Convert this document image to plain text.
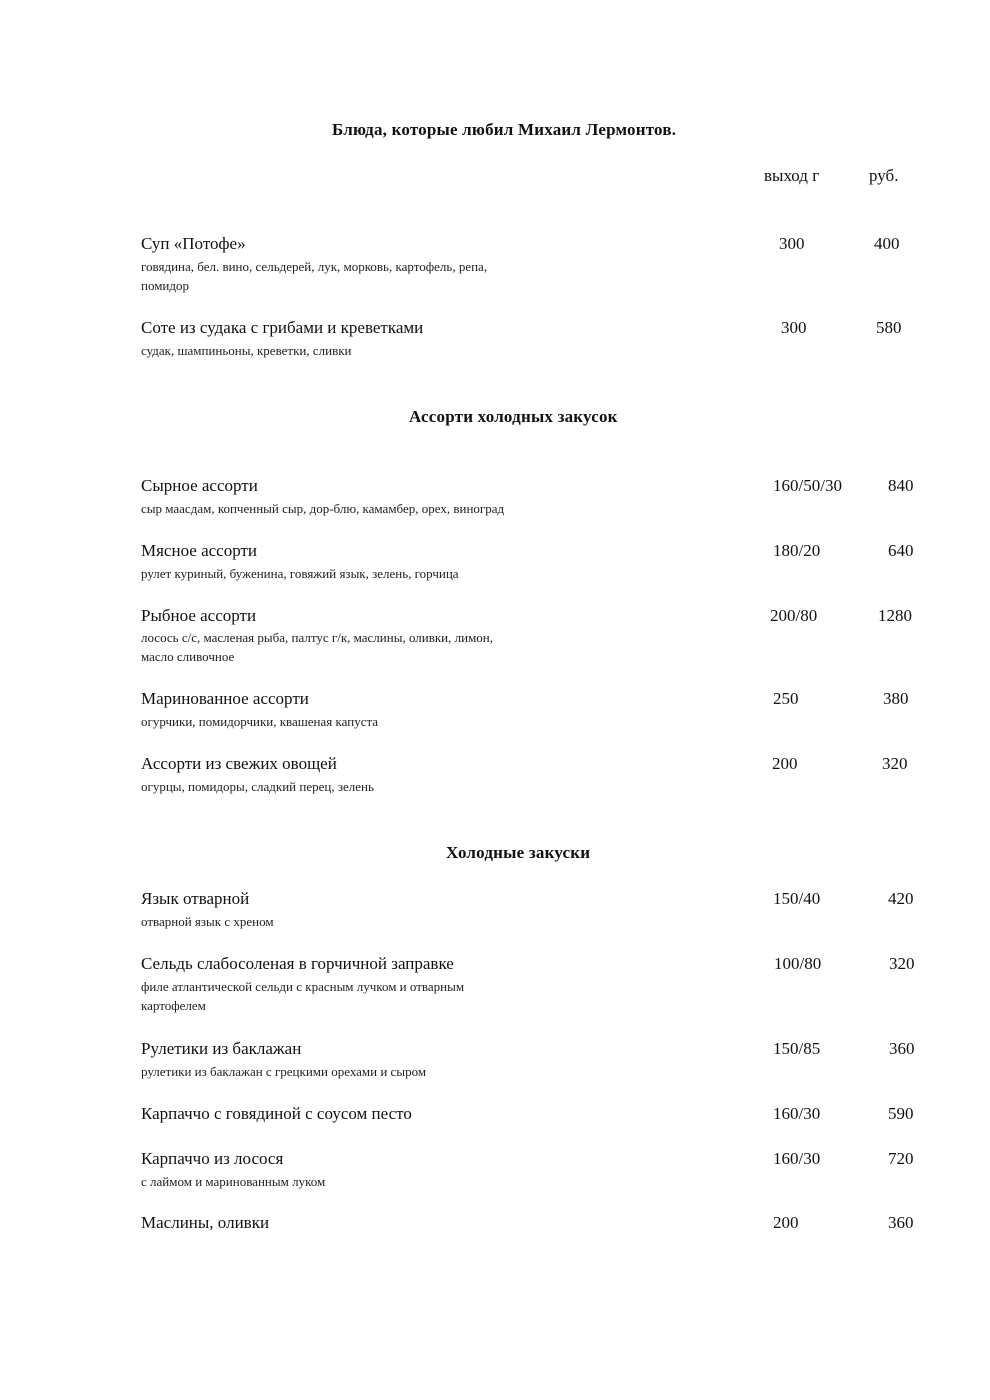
Блюда, которые любил Михаил Лермонтов.
выход г	руб.
Суп «Потофе»
говядина, бел. вино, сельдерей, лук, морковь, картофель, репа, помидор
300	400
Соте из судака с грибами и креветками
судак, шампиньоны, креветки, сливки
300	580
Ассорти холодных закусок
Сырное ассорти
сыр маасдам, копченный сыр, дор-блю, камамбер, орех, виноград
160/50/30	840
Мясное ассорти
рулет куриный, буженина, говяжий язык, зелень, горчица
180/20	640
Рыбное ассорти
лосось с/с, масленая рыба, палтус г/к, маслины, оливки, лимон, масло сливочное
200/80	1280
Маринованное ассорти
огурчики, помидорчики, квашеная капуста
250	380
Ассорти из свежих овощей
огурцы, помидоры, сладкий перец, зелень
200	320
Холодные закуски
Язык отварной
отварной язык с хреном
150/40	420
Сельдь слабосоленая в горчичной заправке
филе атлантической сельди с красным лучком и отварным картофелем
100/80	320
Рулетики из баклажан
рулетики из баклажан с грецкими орехами и сыром
150/85	360
Карпаччо с говядиной с соусом песто	160/30	590
Карпаччо из лосося
с лаймом и маринованным луком
160/30	720
Маслины, оливки	200	360
